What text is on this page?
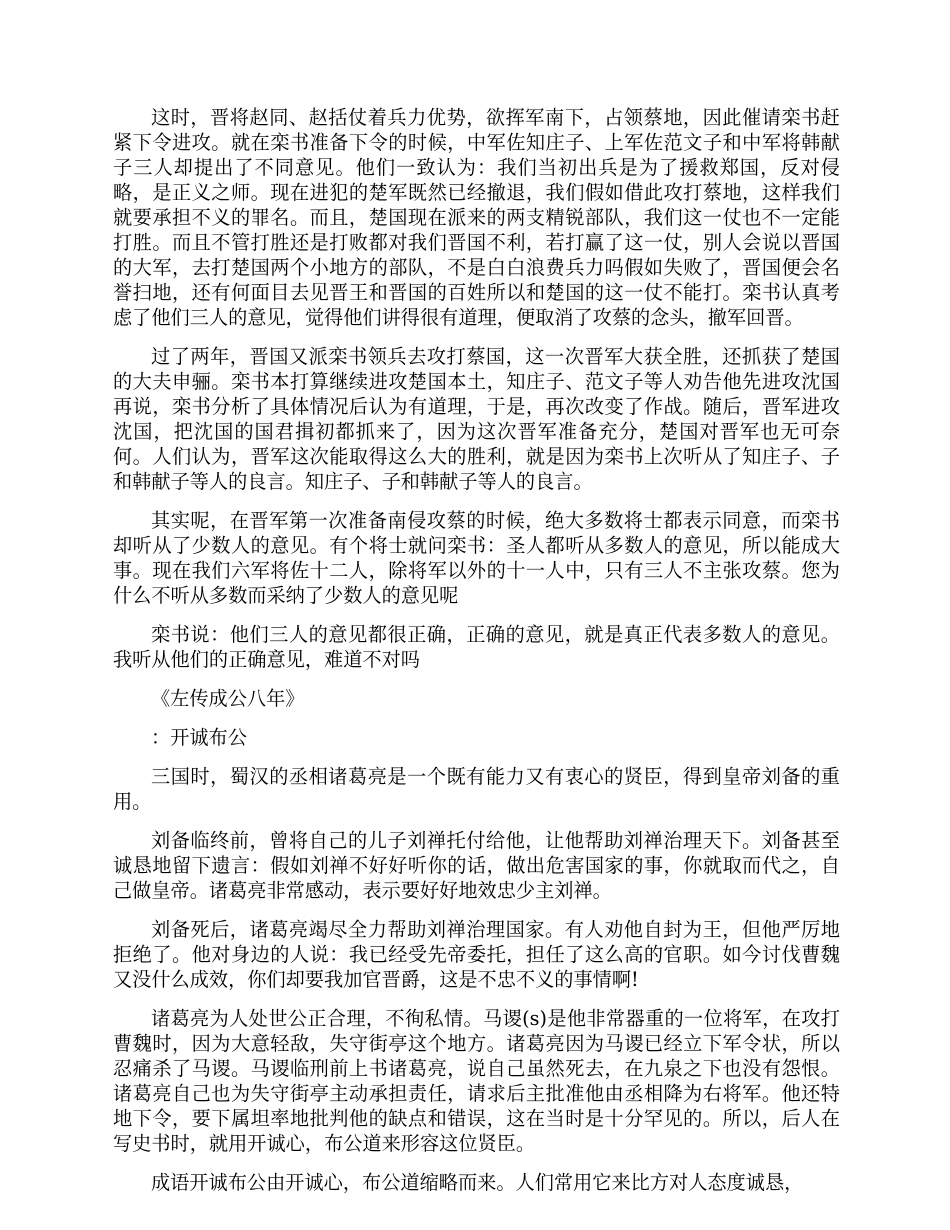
这时，晋将赵同、赵括仗着兵力优势，欲挥军南下，占领蔡地，因此催请栾书赶紧下令进攻。就在栾书准备下令的时候，中军佐知庄子、上军佐范文子和中军将韩献子三人却提出了不同意见。他们一致认为：我们当初出兵是为了援救郑国，反对侵略，是正义之师。现在进犯的楚军既然已经撤退，我们假如借此攻打蔡地，这样我们就要承担不义的罪名。而且，楚国现在派来的两支精锐部队，我们这一仗也不一定能打胜。而且不管打胜还是打败都对我们晋国不利，若打赢了这一仗，别人会说以晋国的大军，去打楚国两个小地方的部队，不是白白浪费兵力吗假如失败了，晋国便会名誉扫地，还有何面目去见晋王和晋国的百姓所以和楚国的这一仗不能打。栾书认真考虑了他们三人的意见，觉得他们讲得很有道理，便取消了攻蔡的念头，撤军回晋。

过了两年，晋国又派栾书领兵去攻打蔡国，这一次晋军大获全胜，还抓获了楚国的大夫申骊。栾书本打算继续进攻楚国本土，知庄子、范文子等人劝告他先进攻沈国再说，栾书分析了具体情况后认为有道理，于是，再次改变了作战。随后，晋军进攻沈国，把沈国的国君揖初都抓来了，因为这次晋军准备充分，楚国对晋军也无可奈何。人们认为，晋军这次能取得这么大的胜利，就是因为栾书上次听从了知庄子、子和韩献子等人的良言。知庄子、子和韩献子等人的良言。

其实呢，在晋军第一次准备南侵攻蔡的时候，绝大多数将士都表示同意，而栾书却听从了少数人的意见。有个将士就问栾书：圣人都听从多数人的意见，所以能成大事。现在我们六军将佐十二人，除将军以外的十一人中，只有三人不主张攻蔡。您为什么不听从多数而采纳了少数人的意见呢

栾书说：他们三人的意见都很正确，正确的意见，就是真正代表多数人的意见。我听从他们的正确意见，难道不对吗

《左传成公八年》

：开诚布公

三国时，蜀汉的丞相诸葛亮是一个既有能力又有衷心的贤臣，得到皇帝刘备的重用。

刘备临终前，曾将自己的儿子刘禅托付给他，让他帮助刘禅治理天下。刘备甚至诚恳地留下遗言：假如刘禅不好好听你的话，做出危害国家的事，你就取而代之，自己做皇帝。诸葛亮非常感动，表示要好好地效忠少主刘禅。

刘备死后，诸葛亮竭尽全力帮助刘禅治理国家。有人劝他自封为王，但他严厉地拒绝了。他对身边的人说：我已经受先帝委托，担任了这么高的官职。如今讨伐曹魏又没什么成效，你们却要我加官晋爵，这是不忠不义的事情啊!

诸葛亮为人处世公正合理，不徇私情。马谡(s)是他非常器重的一位将军，在攻打曹魏时，因为大意轻敌，失守街亭这个地方。诸葛亮因为马谡已经立下军令状，所以忍痛杀了马谡。马谡临刑前上书诸葛亮，说自己虽然死去，在九泉之下也没有怨恨。诸葛亮自己也为失守街亭主动承担责任，请求后主批准他由丞相降为右将军。他还特地下令，要下属坦率地批判他的缺点和错误，这在当时是十分罕见的。所以，后人在写史书时，就用开诚心，布公道来形容这位贤臣。

成语开诚布公由开诚心，布公道缩略而来。人们常用它来比方对人态度诚恳，
